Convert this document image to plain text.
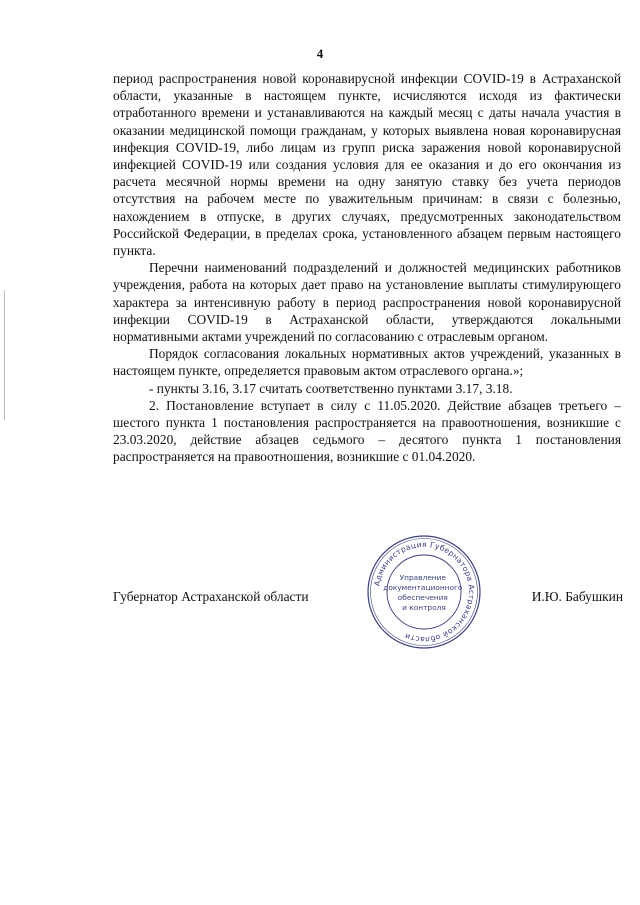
4

период распространения новой коронавирусной инфекции COVID-19 в Астраханской области, указанные в настоящем пункте, исчисляются исходя из фактически отработанного времени и устанавливаются на каждый месяц с даты начала участия в оказании медицинской помощи гражданам, у которых выявлена новая коронавирусная инфекция COVID-19, либо лицам из групп риска заражения новой коронавирусной инфекцией COVID-19 или создания условия для ее оказания и до его окончания из расчета месячной нормы времени на одну занятую ставку без учета периодов отсутствия на рабочем месте по уважительным причинам: в связи с болезнью, нахождением в отпуске, в других случаях, предусмотренных законодательством Российской Федерации, в пределах срока, установленного абзацем первым настоящего пункта.

Перечни наименований подразделений и должностей медицинских работников учреждения, работа на которых дает право на установление выплаты стимулирующего характера за интенсивную работу в период распространения новой коронавирусной инфекции COVID-19 в Астраханской области, утверждаются локальными нормативными актами учреждений по согласованию с отраслевым органом.

Порядок согласования локальных нормативных актов учреждений, указанных в настоящем пункте, определяется правовым актом отраслевого органа.»;

- пункты 3.16, 3.17 считать соответственно пунктами 3.17, 3.18.

2. Постановление вступает в силу с 11.05.2020. Действие абзацев третьего – шестого пункта 1 постановления распространяется на правоотношения, возникшие с 23.03.2020, действие абзацев седьмого – десятого пункта 1 постановления распространяется на правоотношения, возникшие с 01.04.2020.

Губернатор Астраханской области	И.Ю. Бабушкин
Администрация Губернатора Астраханской области
Управление документационного обеспечения и контроля
